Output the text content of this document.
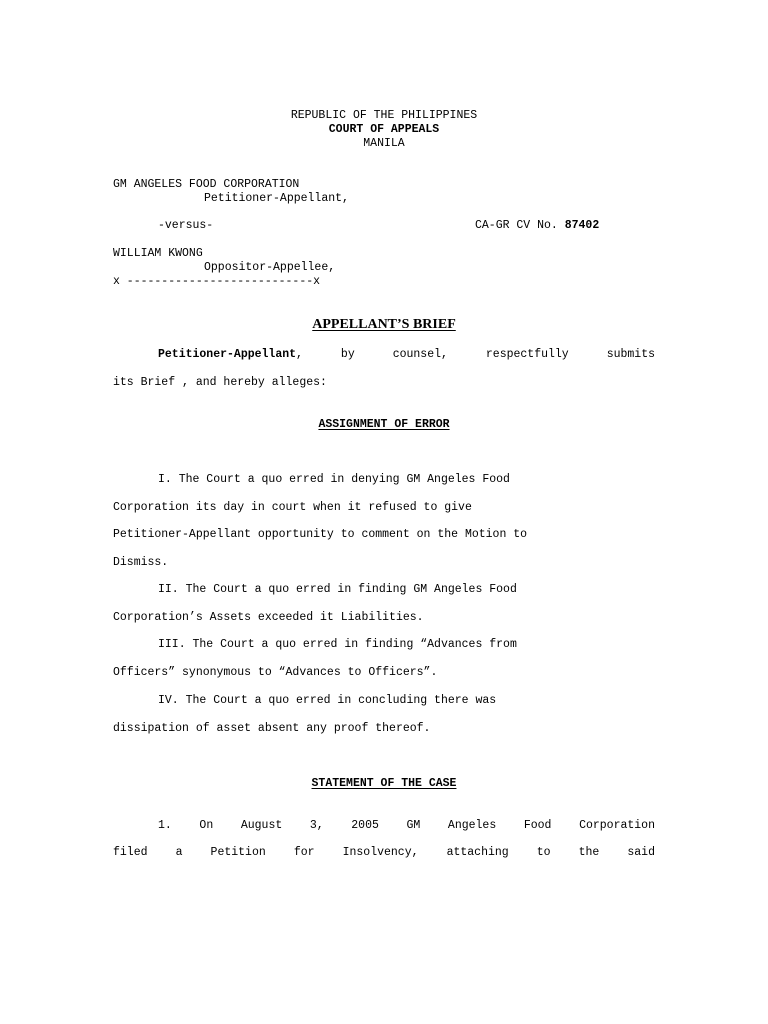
REPUBLIC OF THE PHILIPPINES
COURT OF APPEALS
MANILA
GM ANGELES FOOD CORPORATION
Petitioner-Appellant,
-versus-	CA-GR CV No. 87402
WILLIAM KWONG
Oppositor-Appellee,
x ---------------------------x
APPELLANT’S BRIEF
Petitioner-Appellant, by counsel, respectfully submits
its Brief , and hereby alleges:
ASSIGNMENT OF ERROR
I. The Court a quo erred in denying GM Angeles Food
Corporation its day in court when it refused to give
Petitioner-Appellant opportunity to comment on the Motion to
Dismiss.
II. The Court a quo erred in finding GM Angeles Food
Corporation’s Assets exceeded it Liabilities.
III. The Court a quo erred in finding “Advances from
Officers” synonymous to “Advances to Officers”.
IV. The Court a quo erred in concluding there was
dissipation of asset absent any proof thereof.
STATEMENT OF THE CASE
1. On August 3, 2005 GM Angeles Food Corporation
filed a Petition for Insolvency, attaching to the said
